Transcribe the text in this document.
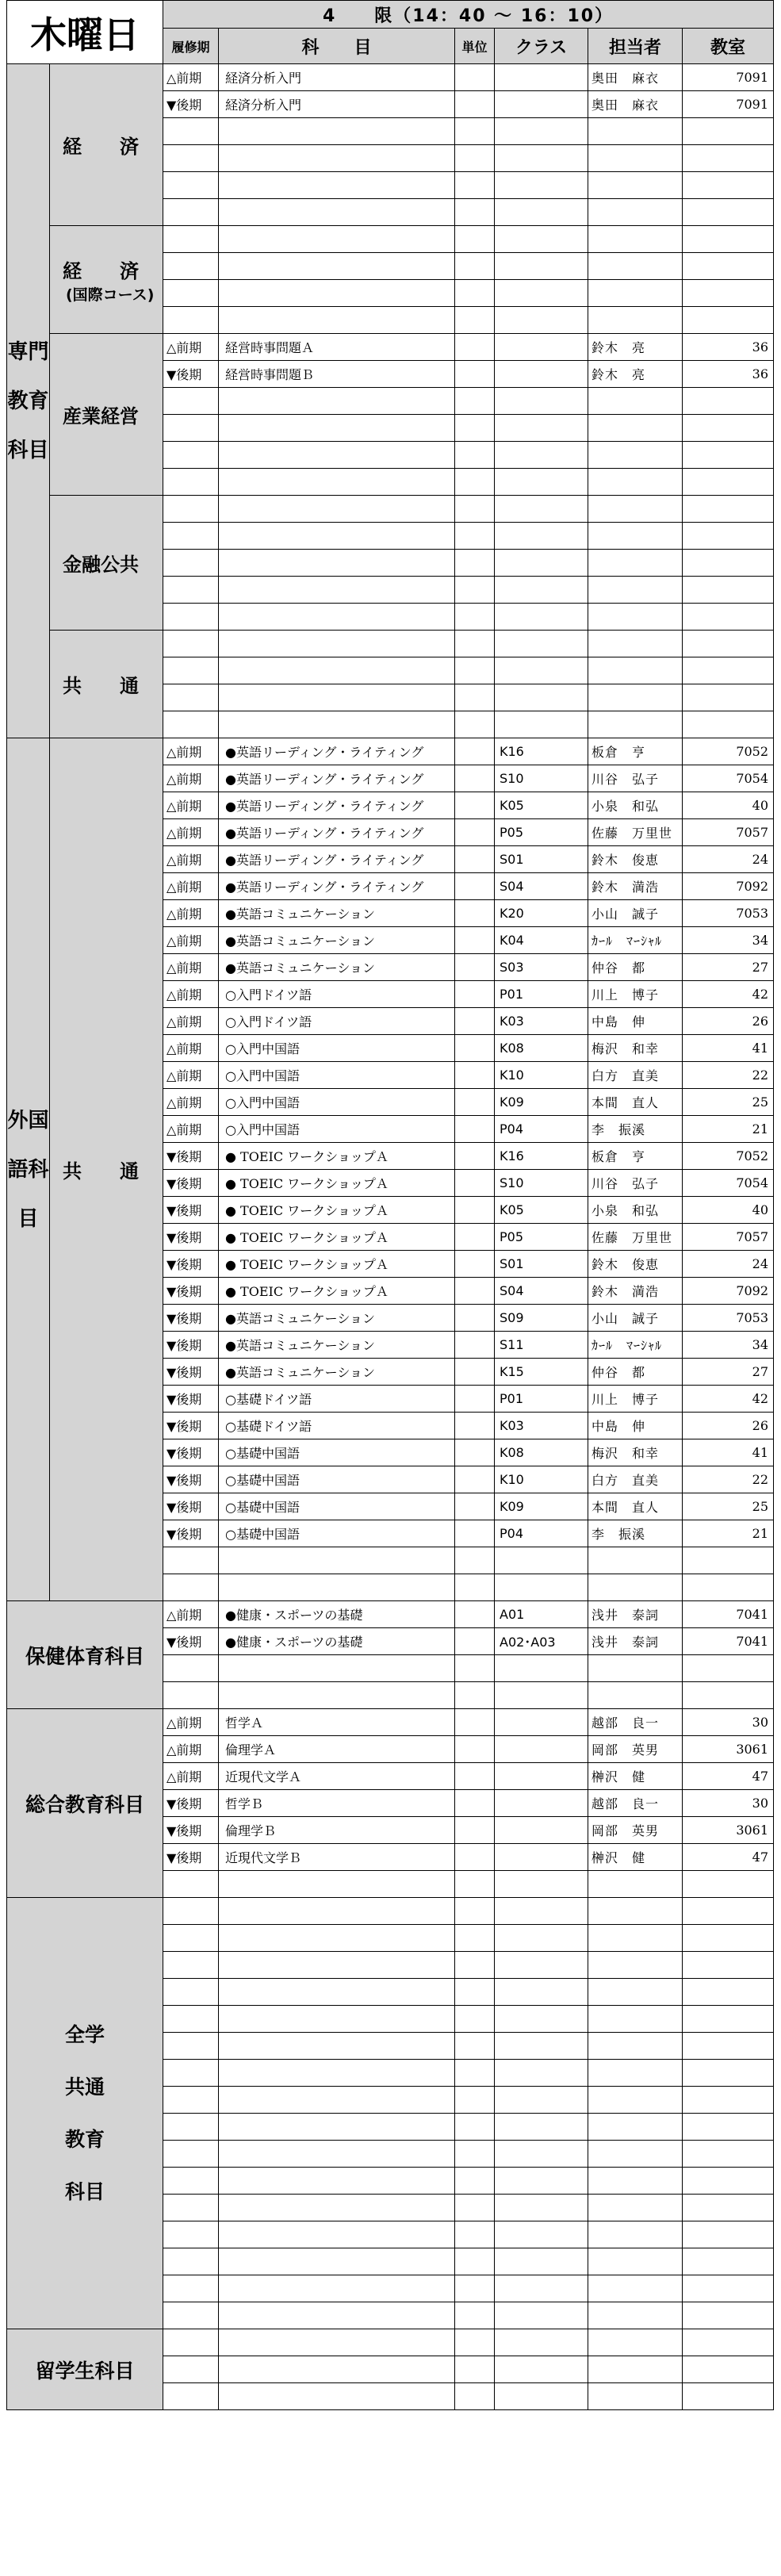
木曜日		4　　限（14：40 ～ 16：10）					
		履修期	科　　目	単位	クラス	担当者	教室
専門教育科目	経　　済	△前期	経済分析入門			奥田　麻衣	7091
		▼後期	経済分析入門			奥田　麻衣	7091

	経　　済
(国際コース)						

	産業経営	△前期	経営時事問題Ａ			鈴木　亮	36
		▼後期	経営時事問題Ｂ			鈴木　亮	36

	金融公共

	共　　通

外国語科目	共　　通	△前期	●英語リーディング・ライティング		K16	板倉　亨	7052
		△前期	●英語リーディング・ライティング		S10	川谷　弘子	7054
		△前期	●英語リーディング・ライティング		K05	小泉　和弘	40
		△前期	●英語リーディング・ライティング		P05	佐藤　万里世	7057
		△前期	●英語リーディング・ライティング		S01	鈴木　俊恵	24
		△前期	●英語リーディング・ライティング		S04	鈴木　満浩	7092
		△前期	●英語コミュニケーション		K20	小山　誠子	7053
		△前期	●英語コミュニケーション		K04	ｶｰﾙ　ﾏｰｼｬﾙ	34
		△前期	●英語コミュニケーション		S03	仲谷　都	27
		△前期	○入門ドイツ語		P01	川上　博子	42
		△前期	○入門ドイツ語		K03	中島　伸	26
		△前期	○入門中国語		K08	梅沢　和幸	41
		△前期	○入門中国語		K10	白方　直美	22
		△前期	○入門中国語		K09	本間　直人	25
		△前期	○入門中国語		P04	李　振溪	21
		▼後期	● TOEIC ワークショップＡ		K16	板倉　亨	7052
		▼後期	● TOEIC ワークショップＡ		S10	川谷　弘子	7054
		▼後期	● TOEIC ワークショップＡ		K05	小泉　和弘	40
		▼後期	● TOEIC ワークショップＡ		P05	佐藤　万里世	7057
		▼後期	● TOEIC ワークショップＡ		S01	鈴木　俊恵	24
		▼後期	● TOEIC ワークショップＡ		S04	鈴木　満浩	7092
		▼後期	●英語コミュニケーション		S09	小山　誠子	7053
		▼後期	●英語コミュニケーション		S11	ｶｰﾙ　ﾏｰｼｬﾙ	34
		▼後期	●英語コミュニケーション		K15	仲谷　都	27
		▼後期	○基礎ドイツ語		P01	川上　博子	42
		▼後期	○基礎ドイツ語		K03	中島　伸	26
		▼後期	○基礎中国語		K08	梅沢　和幸	41
		▼後期	○基礎中国語		K10	白方　直美	22
		▼後期	○基礎中国語		K09	本間　直人	25
		▼後期	○基礎中国語		P04	李　振溪	21

保健体育科目		△前期	●健康・スポーツの基礎		A01	浅井　泰詞	7041
		▼後期	●健康・スポーツの基礎		A02･A03	浅井　泰詞	7041

総合教育科目		△前期	哲学Ａ			越部　良一	30
		△前期	倫理学Ａ			岡部　英男	3061
		△前期	近現代文学Ａ			榊沢　健	47
		▼後期	哲学Ｂ			越部　良一	30
		▼後期	倫理学Ｂ			岡部　英男	3061
		▼後期	近現代文学Ｂ			榊沢　健	47

全学共通教育科目							

留学生科目							
